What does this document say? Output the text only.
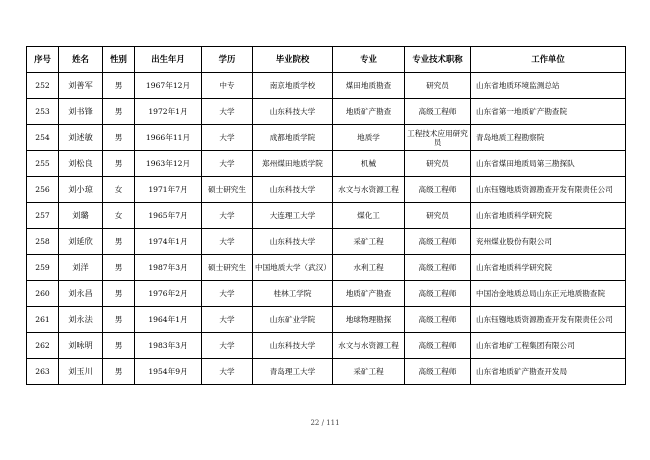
序号	姓名	性别	出生年月	学历	毕业院校	专业	专业技术职称	工作单位
252	刘善军	男	1967年12月	中专	南京地质学校	煤田地质勘查	研究员	山东省地质环境监测总站
253	刘书锋	男	1972年1月	大学	山东科技大学	地质矿产勘查	高级工程师	山东省第一地质矿产勘查院
254	刘述敏	男	1966年11月	大学	成都地质学院	地质学	工程技术应用研究员	青岛地质工程勘察院
255	刘松良	男	1963年12月	大学	郑州煤田地质学院	机械	研究员	山东省煤田地质局第三勘探队
256	刘小琼	女	1971年7月	硕士研究生	山东科技大学	水文与水资源工程	高级工程师	山东钰镪地质资源勘查开发有限责任公司
257	刘璐	女	1965年7月	大学	大连理工大学	煤化工	研究员	山东省地质科学研究院
258	刘延欣	男	1974年1月	大学	山东科技大学	采矿工程	高级工程师	兖州煤业股份有限公司
259	刘洋	男	1987年3月	硕士研究生	中国地质大学（武汉）	水利工程	高级工程师	山东省地质科学研究院
260	刘永昌	男	1976年2月	大学	桂林工学院	地质矿产勘查	高级工程师	中国冶金地质总局山东正元地质勘查院
261	刘永法	男	1964年1月	大学	山东矿业学院	地球物理勘探	高级工程师	山东钰镪地质资源勘查开发有限责任公司
262	刘咏明	男	1983年3月	大学	山东科技大学	水文与水资源工程	高级工程师	山东省地矿工程集团有限公司
263	刘玉川	男	1954年9月	大学	青岛理工大学	采矿工程	高级工程师	山东省地质矿产勘查开发局
22 / 111
